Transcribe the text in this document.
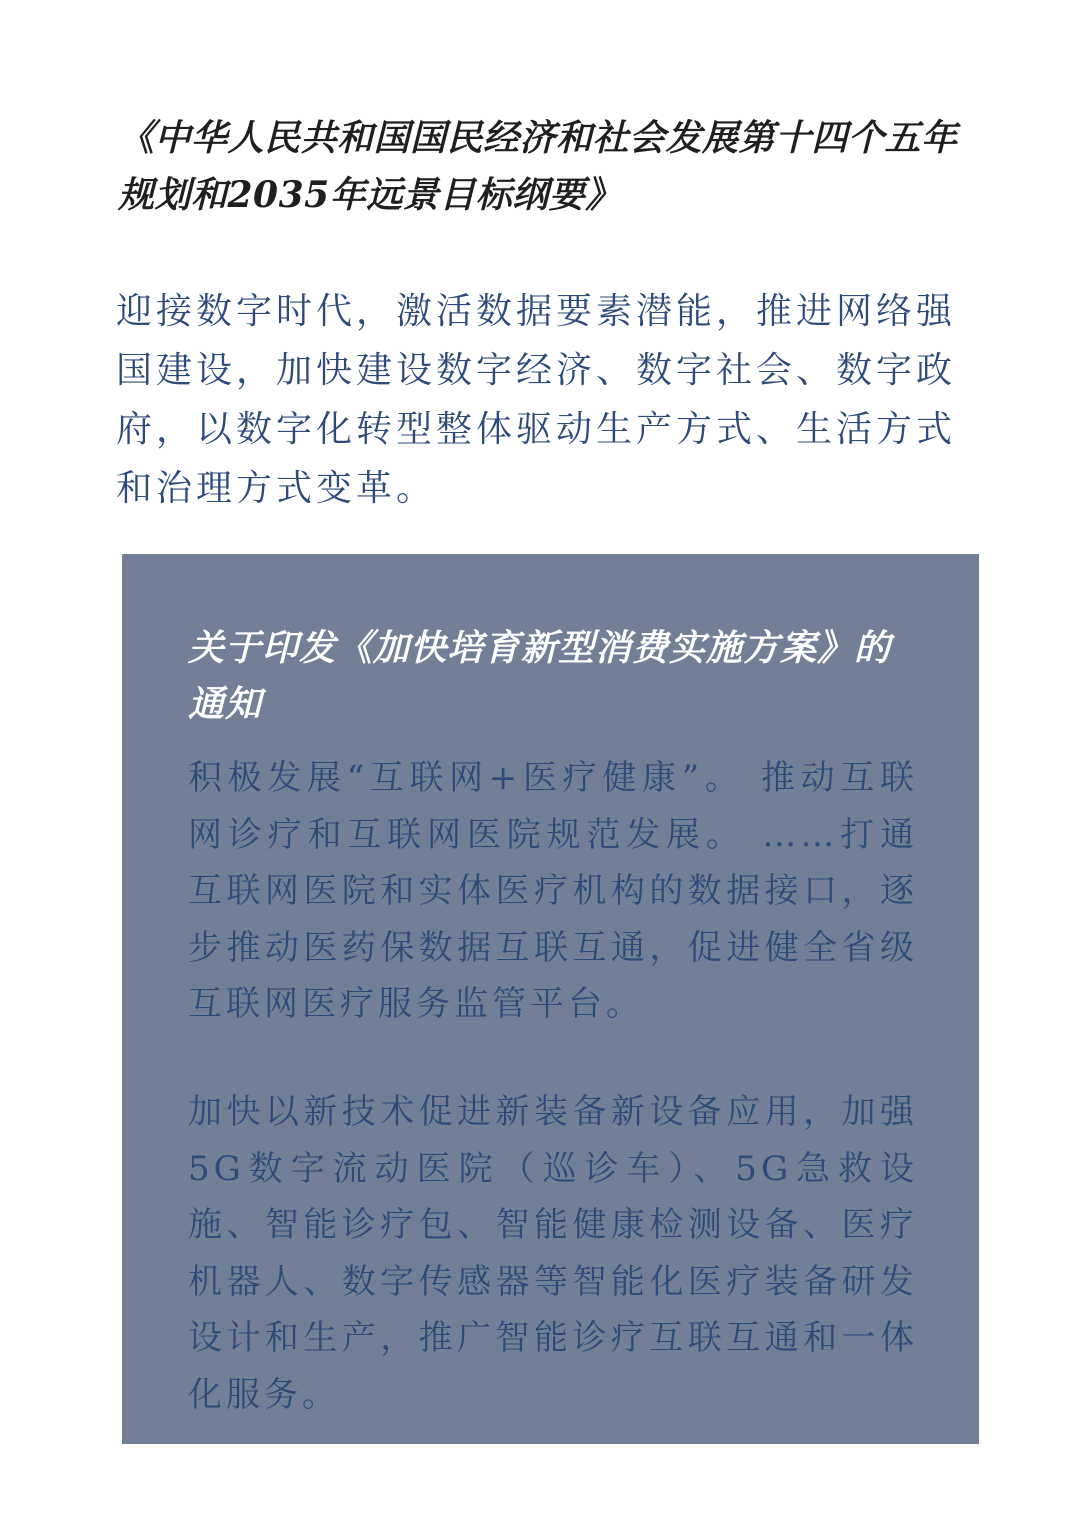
《中华人民共和国国民经济和社会发展第十四个五年规划和2035年远景目标纲要》

迎接数字时代，激活数据要素潜能，推进网络强国建设，加快建设数字经济、数字社会、数字政府，以数字化转型整体驱动生产方式、生活方式和治理方式变革。

关于印发《加快培育新型消费实施方案》的通知

积极发展“互联网+医疗健康”。 推动互联网诊疗和互联网医院规范发展。 ……打通互联网医院和实体医疗机构的数据接口，逐步推动医药保数据互联互通，促进健全省级互联网医疗服务监管平台。

加快以新技术促进新装备新设备应用，加强5G数字流动医院（巡诊车）、5G急救设施、智能诊疗包、智能健康检测设备、医疗机器人、数字传感器等智能化医疗装备研发设计和生产，推广智能诊疗互联互通和一体化服务。
